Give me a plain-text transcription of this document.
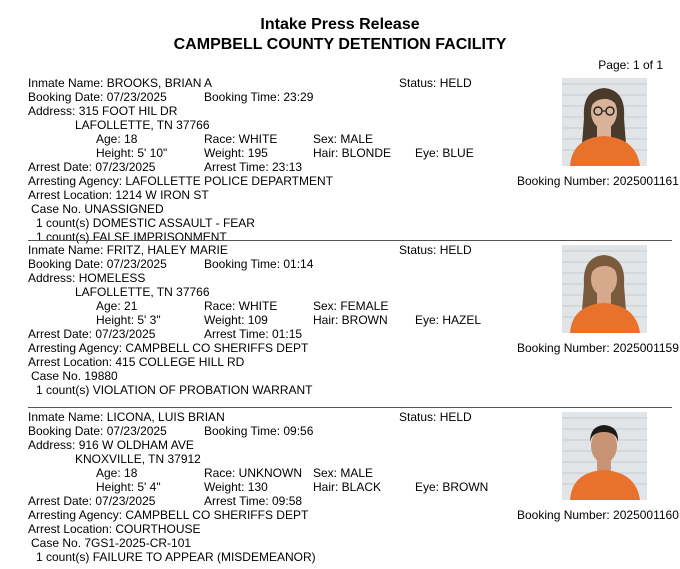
Intake Press Release
CAMPBELL COUNTY DETENTION FACILITY
Page: 1 of 1
Inmate Name: BROOKS, BRIAN A	Status: HELD
Booking Date: 07/23/2025	Booking Time: 23:29
Address: 315 FOOT HIL DR
LAFOLLETTE, TN 37766
Age: 18	Race: WHITE	Sex: MALE
Height: 5' 10"	Weight: 195	Hair: BLONDE Eye: BLUE
Arrest Date: 07/23/2025	Arrest Time: 23:13
Arresting Agency: LAFOLLETTE POLICE DEPARTMENT	Booking Number: 2025001161
Arrest Location: 1214 W IRON ST
Case No. UNASSIGNED
1 count(s) DOMESTIC ASSAULT - FEAR
1 count(s) FALSE IMPRISONMENT
Inmate Name: FRITZ, HALEY MARIE	Status: HELD
Booking Date: 07/23/2025	Booking Time: 01:14
Address: HOMELESS
LAFOLLETTE, TN 37766
Age: 21	Race: WHITE	Sex: FEMALE
Height: 5' 3"	Weight: 109	Hair: BROWN Eye: HAZEL
Arrest Date: 07/23/2025	Arrest Time: 01:15
Arresting Agency: CAMPBELL CO SHERIFFS DEPT	Booking Number: 2025001159
Arrest Location: 415 COLLEGE HILL RD
Case No. 19880
1 count(s) VIOLATION OF PROBATION WARRANT
Inmate Name: LICONA, LUIS BRIAN	Status: HELD
Booking Date: 07/23/2025	Booking Time: 09:56
Address: 916 W OLDHAM AVE
KNOXVILLE, TN 37912
Age: 18	Race: UNKNOWN Sex: MALE
Height: 5' 4"	Weight: 130	Hair: BLACK	Eye: BROWN
Arrest Date: 07/23/2025	Arrest Time: 09:58
Arresting Agency: CAMPBELL CO SHERIFFS DEPT	Booking Number: 2025001160
Arrest Location: COURTHOUSE
Case No. 7GS1-2025-CR-101
1 count(s) FAILURE TO APPEAR (MISDEMEANOR)
